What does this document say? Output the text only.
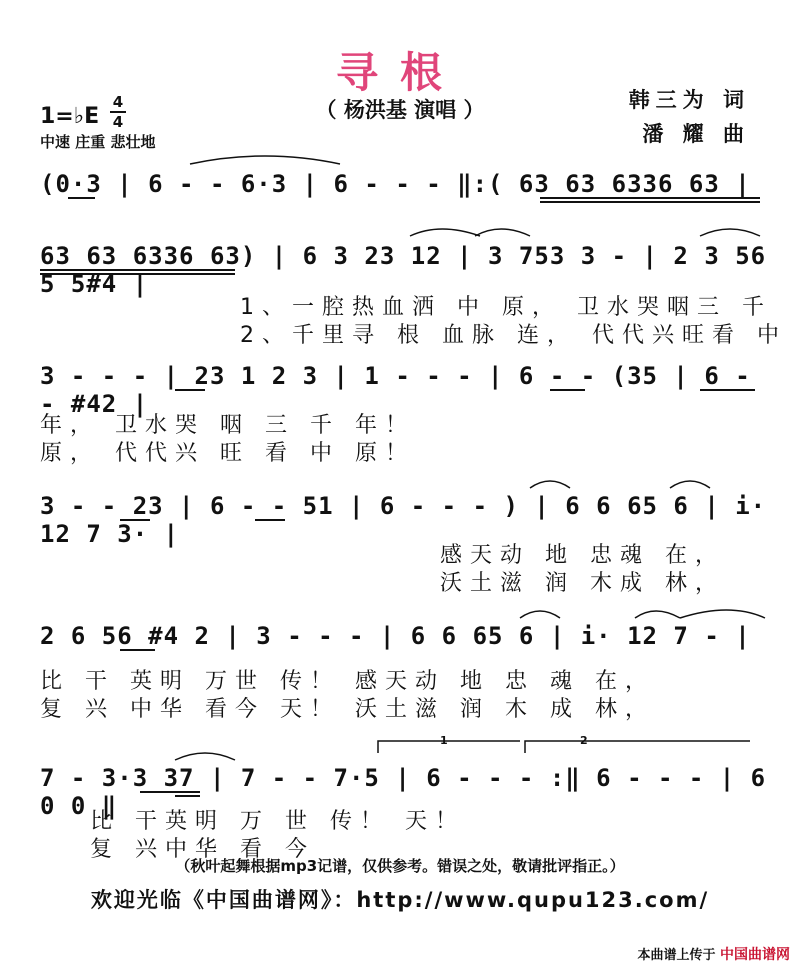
寻根
（ 杨洪基 演唱 ）	韩三为 词
潘 耀 曲
1=♭E
4
4
中速 庄重 悲壮地
(0·3 | 6 - - 6·3 | 6 - - - ‖:( 63 63 6336 63 |
63 63 6336 63) | 6 3 23 12 | 3 753 3 - | 2 3 56 5 5#4 |
1、一腔热血洒 中 原， 卫水哭咽三 千
2、千里寻 根 血脉 连， 代代兴旺看 中
3 - - - | 23 1 2 3 | 1 - - - | 6 - - (35 | 6 - - #42 |
年， 卫水哭 咽 三 千 年！
原， 代代兴 旺 看 中 原！
3 - - 23 | 6 - - 51 | 6 - - - ) | 6 6 65 6 | i· 12 7 3· |
感天动 地 忠魂 在，
沃土滋 润 木成 林，
2 6 56 #4 2 | 3 - - - | 6 6 65 6 | i· 12 7 - |
比 干 英明 万世 传！ 感天动 地 忠 魂 在，
复 兴 中华 看今 天！ 沃土滋 润 木 成 林，
1	2
7 - 3·3 37 | 7 - - 7·5 | 6 - - - :‖ 6 - - - | 6 0 0 ‖
比 干英明 万 世 传！ 天！
复 兴中华 看 今
（秋叶起舞根据mp3记谱，仅供参考。错误之处，敬请批评指正。）
欢迎光临《中国曲谱网》：http://www.qupu123.com/
本曲谱上传于 中国曲谱网
